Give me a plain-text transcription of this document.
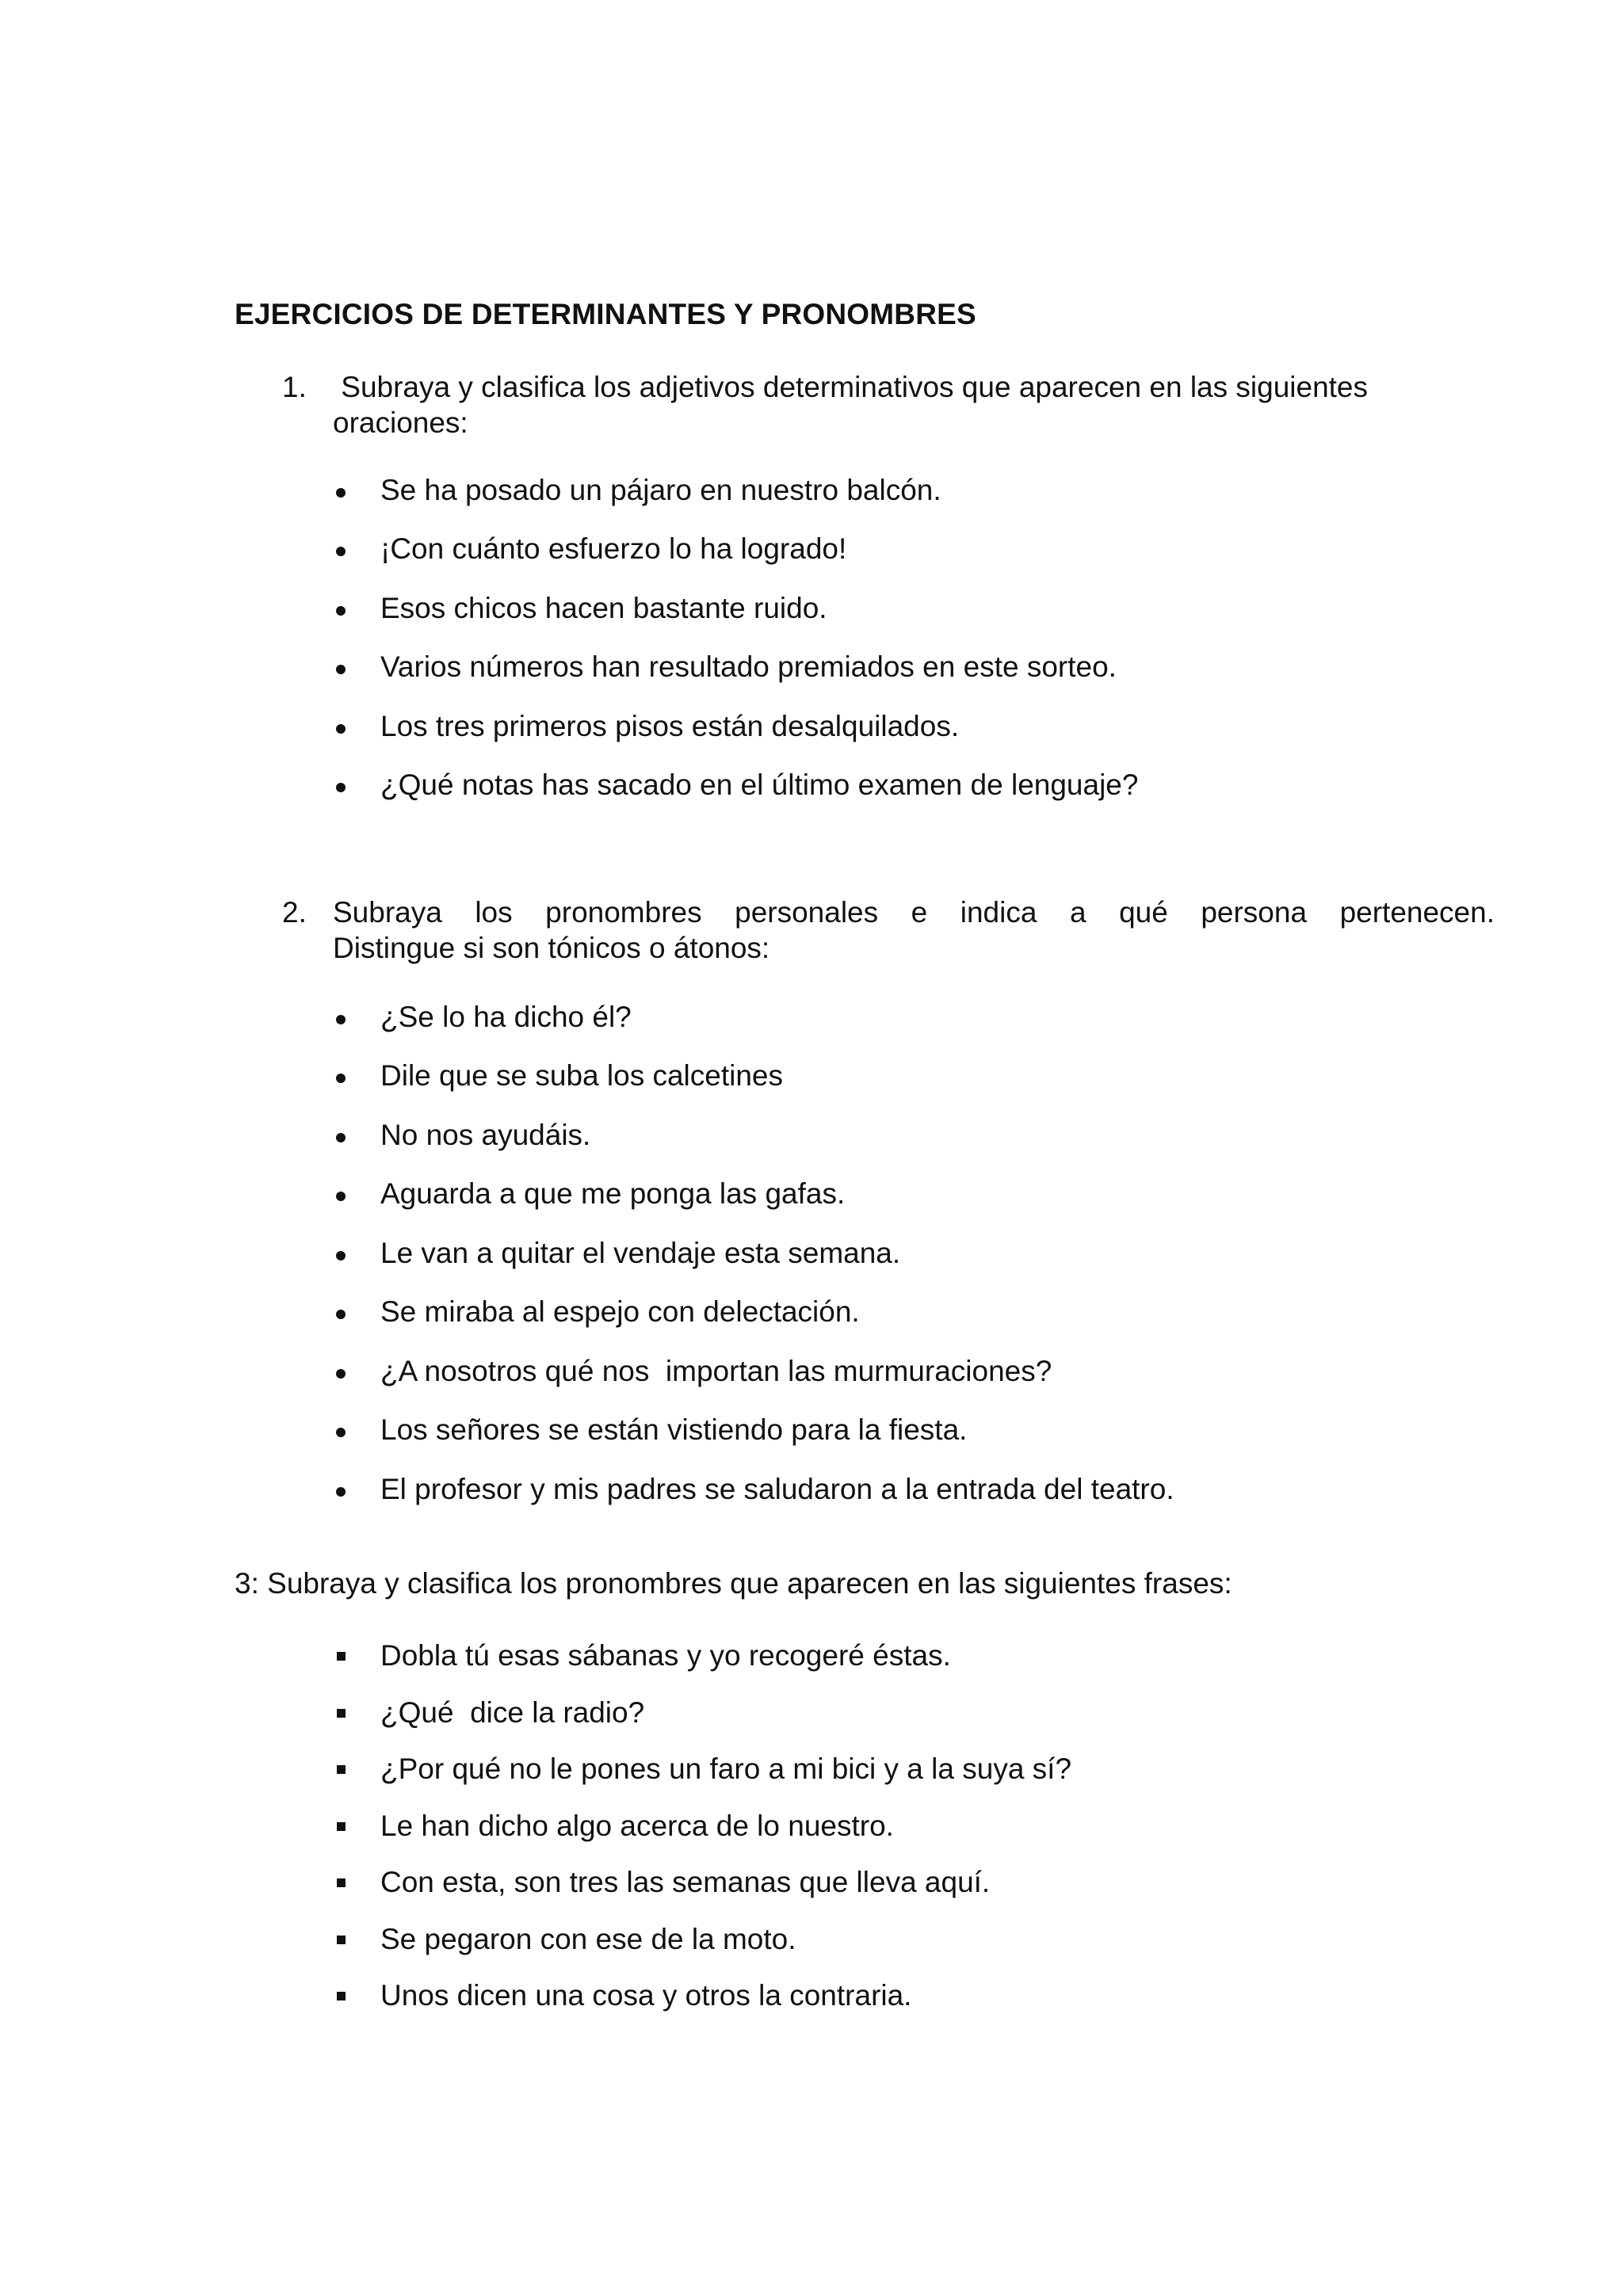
EJERCICIOS DE DETERMINANTES Y PRONOMBRES
1. Subraya y clasifica los adjetivos determinativos que aparecen en las siguientes
oraciones:
Se ha posado un pájaro en nuestro balcón.
¡Con cuánto esfuerzo lo ha logrado!
Esos chicos hacen bastante ruido.
Varios números han resultado premiados en este sorteo.
Los tres primeros pisos están desalquilados.
¿Qué notas has sacado en el último examen de lenguaje?
2. Subraya los pronombres personales e indica a qué persona pertenecen.
Distingue si son tónicos o átonos:
¿Se lo ha dicho él?
Dile que se suba los calcetines
No nos ayudáis.
Aguarda a que me ponga las gafas.
Le van a quitar el vendaje esta semana.
Se miraba al espejo con delectación.
¿A nosotros qué nos  importan las murmuraciones?
Los señores se están vistiendo para la fiesta.
El profesor y mis padres se saludaron a la entrada del teatro.
3: Subraya y clasifica los pronombres que aparecen en las siguientes frases:
Dobla tú esas sábanas y yo recogeré éstas.
¿Qué  dice la radio?
¿Por qué no le pones un faro a mi bici y a la suya sí?
Le han dicho algo acerca de lo nuestro.
Con esta, son tres las semanas que lleva aquí.
Se pegaron con ese de la moto.
Unos dicen una cosa y otros la contraria.
